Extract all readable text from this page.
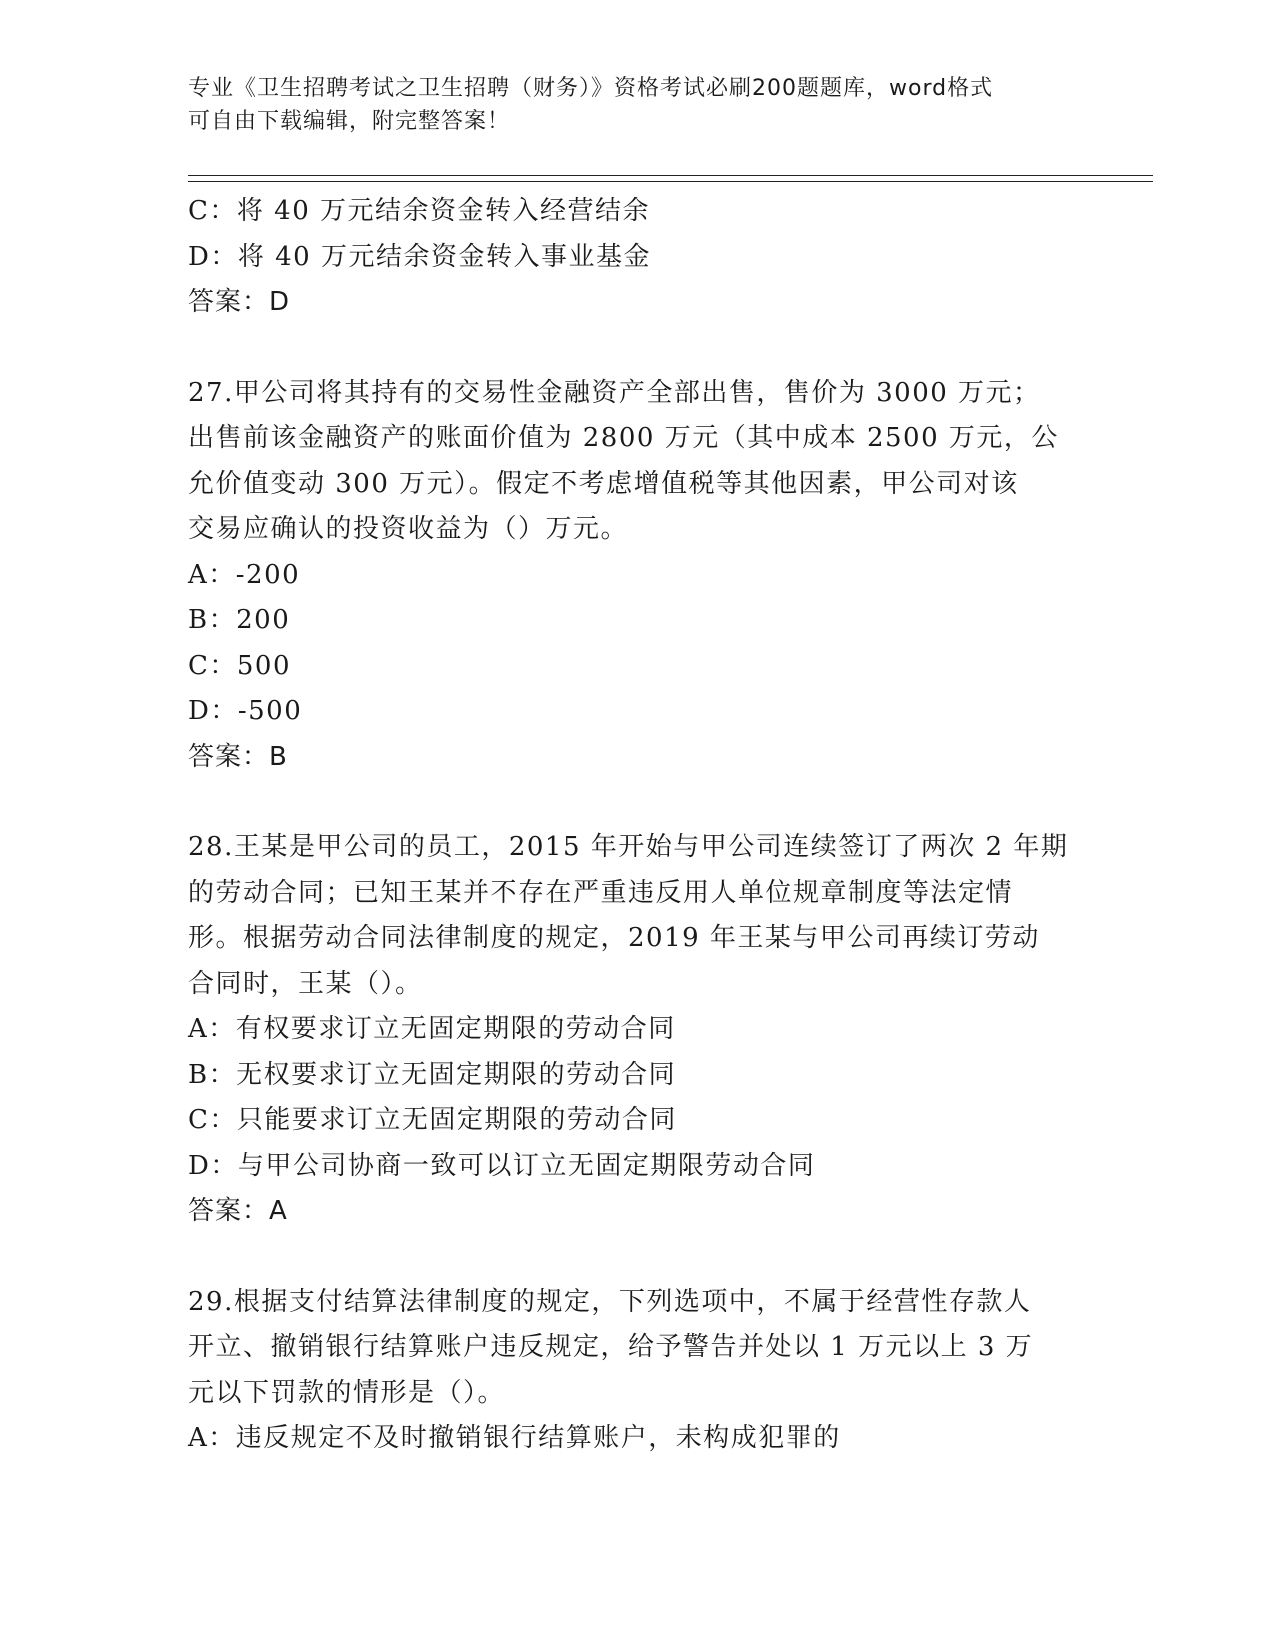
专业《卫生招聘考试之卫生招聘（财务）》资格考试必刷200题题库，word格式
可自由下载编辑，附完整答案！
C：将 40 万元结余资金转入经营结余
D：将 40 万元结余资金转入事业基金
答案：D
27.甲公司将其持有的交易性金融资产全部出售，售价为 3000 万元；
出售前该金融资产的账面价值为 2800 万元（其中成本 2500 万元，公
允价值变动 300 万元）。假定不考虑增值税等其他因素，甲公司对该
交易应确认的投资收益为（）万元。
A：-200
B：200
C：500
D：-500
答案：B
28.王某是甲公司的员工，2015 年开始与甲公司连续签订了两次 2 年期
的劳动合同；已知王某并不存在严重违反用人单位规章制度等法定情
形。根据劳动合同法律制度的规定，2019 年王某与甲公司再续订劳动
合同时，王某（）。
A：有权要求订立无固定期限的劳动合同
B：无权要求订立无固定期限的劳动合同
C：只能要求订立无固定期限的劳动合同
D：与甲公司协商一致可以订立无固定期限劳动合同
答案：A
29.根据支付结算法律制度的规定，下列选项中，不属于经营性存款人
开立、撤销银行结算账户违反规定，给予警告并处以 1 万元以上 3 万
元以下罚款的情形是（）。
A：违反规定不及时撤销银行结算账户，未构成犯罪的
